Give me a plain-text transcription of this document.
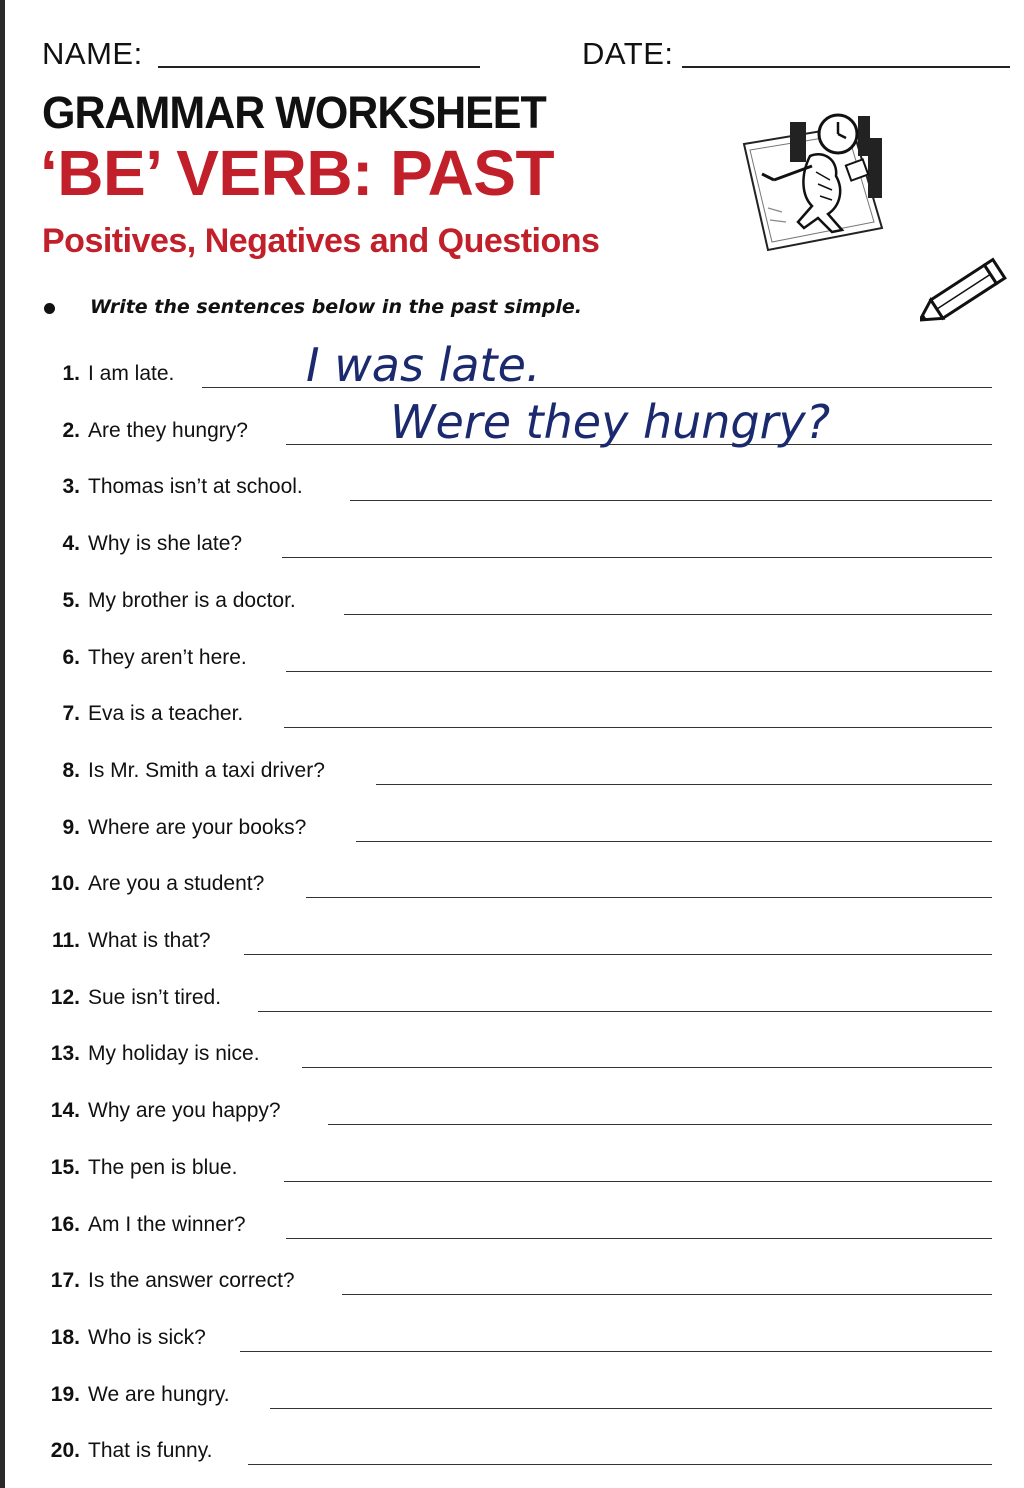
NAME:	DATE:
GRAMMAR WORKSHEET
‘BE’ VERB: PAST
Positives, Negatives and Questions
Write the sentences below in the past simple.
1. I am late.	I was late.
2. Are they hungry?	Were they hungry?
3. Thomas isn’t at school.
4. Why is she late?
5. My brother is a doctor.
6. They aren’t here.
7. Eva is a teacher.
8. Is Mr. Smith a taxi driver?
9. Where are your books?
10. Are you a student?
11. What is that?
12. Sue isn’t tired.
13. My holiday is nice.
14. Why are you happy?
15. The pen is blue.
16. Am I the winner?
17. Is the answer correct?
18. Who is sick?
19. We are hungry.
20. That is funny.
